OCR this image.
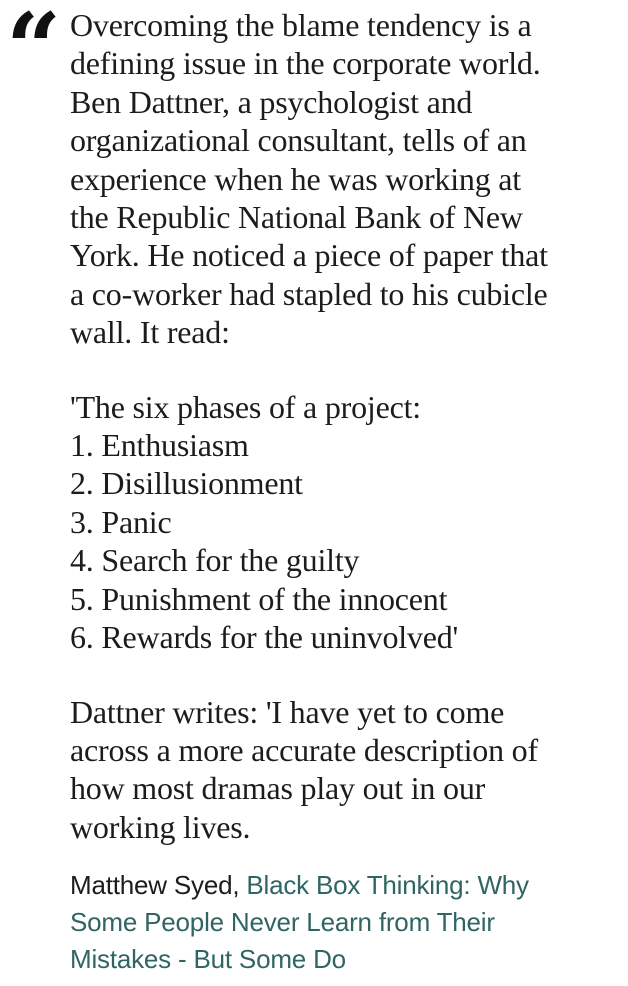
“ Overcoming the blame tendency is a
defining issue in the corporate world.
Ben Dattner, a psychologist and
organizational consultant, tells of an
experience when he was working at
the Republic National Bank of New
York. He noticed a piece of paper that
a co-worker had stapled to his cubicle
wall. It read:
'The six phases of a project:
1. Enthusiasm
2. Disillusionment
3. Panic
4. Search for the guilty
5. Punishment of the innocent
6. Rewards for the uninvolved'
Dattner writes: 'I have yet to come
across a more accurate description of
how most dramas play out in our
working lives.
Matthew Syed, Black Box Thinking: Why
Some People Never Learn from Their
Mistakes - But Some Do
